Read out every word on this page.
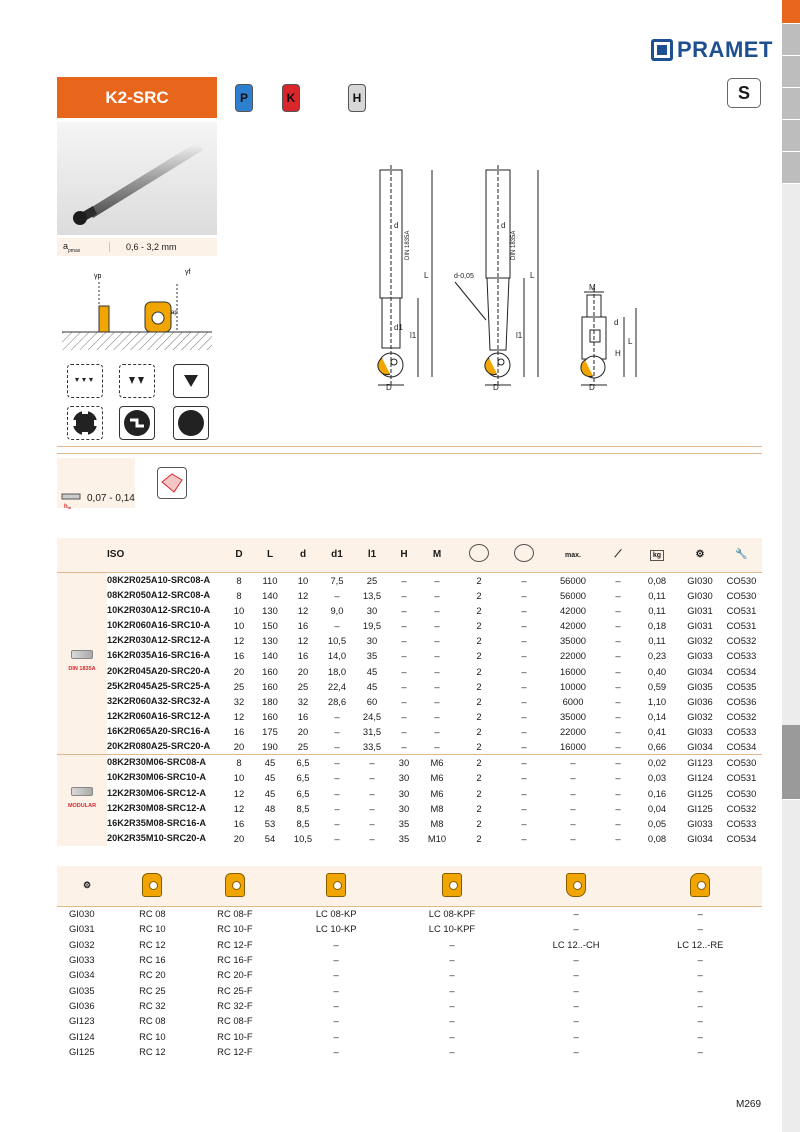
PRAMET
K2-SRC	P	K	H	S
$a_{pmax}$	0,6 - 3,2 mm
γp
γf
ap
d
d1
L
l1
D
d
L
l1
D
d-0,05
M
d
H
L
D
DIN 1835A	DIN 1835A
hm
0,07 - 0,14
	ISO	D	L	d	d1	l1	H	M			max.	⟋	kg	⚙	🔧

DIN 1835A	08K2R025A10-SRC08-A	8	110	10	7,5	25	–	–	2	–	56000	–	0,08	GI030	CO530
	08K2R050A12-SRC08-A	8	140	12	–	13,5	–	–	2	–	56000	–	0,11	GI030	CO530
	10K2R030A12-SRC10-A	10	130	12	9,0	30	–	–	2	–	42000	–	0,11	GI031	CO531
	10K2R060A16-SRC10-A	10	150	16	–	19,5	–	–	2	–	42000	–	0,18	GI031	CO531
	12K2R030A12-SRC12-A	12	130	12	10,5	30	–	–	2	–	35000	–	0,11	GI032	CO532
	16K2R035A16-SRC16-A	16	140	16	14,0	35	–	–	2	–	22000	–	0,23	GI033	CO533
	20K2R045A20-SRC20-A	20	160	20	18,0	45	–	–	2	–	16000	–	0,40	GI034	CO534
	25K2R045A25-SRC25-A	25	160	25	22,4	45	–	–	2	–	10000	–	0,59	GI035	CO535
	32K2R060A32-SRC32-A	32	180	32	28,6	60	–	–	2	–	6000	–	1,10	GI036	CO536
	12K2R060A16-SRC12-A	12	160	16	–	24,5	–	–	2	–	35000	–	0,14	GI032	CO532
	16K2R065A20-SRC16-A	16	175	20	–	31,5	–	–	2	–	22000	–	0,41	GI033	CO533
	20K2R080A25-SRC20-A	20	190	25	–	33,5	–	–	2	–	16000	–	0,66	GI034	CO534

MODULAR	08K2R30M06-SRC08-A	8	45	6,5	–	–	30	M6	2	–	–	–	0,02	GI123	CO530
	10K2R30M06-SRC10-A	10	45	6,5	–	–	30	M6	2	–	–	–	0,03	GI124	CO531
	12K2R30M06-SRC12-A	12	45	6,5	–	–	30	M6	2	–	–	–	0,16	GI125	CO530
	12K2R30M08-SRC12-A	12	48	8,5	–	–	30	M8	2	–	–	–	0,04	GI125	CO532
	16K2R35M08-SRC16-A	16	53	8,5	–	–	35	M8	2	–	–	–	0,05	GI033	CO533
	20K2R35M10-SRC20-A	20	54	10,5	–	–	35	M10	2	–	–	–	0,08	GI034	CO534
⚙						
GI030	RC 08	RC 08-F	LC 08-KP	LC 08-KPF	–	–
GI031	RC 10	RC 10-F	LC 10-KP	LC 10-KPF	–	–
GI032	RC 12	RC 12-F	–	–	LC 12..-CH	LC 12..-RE
GI033	RC 16	RC 16-F	–	–	–	–
GI034	RC 20	RC 20-F	–	–	–	–
GI035	RC 25	RC 25-F	–	–	–	–
GI036	RC 32	RC 32-F	–	–	–	–
GI123	RC 08	RC 08-F	–	–	–	–
GI124	RC 10	RC 10-F	–	–	–	–
GI125	RC 12	RC 12-F	–	–	–	–
M269
